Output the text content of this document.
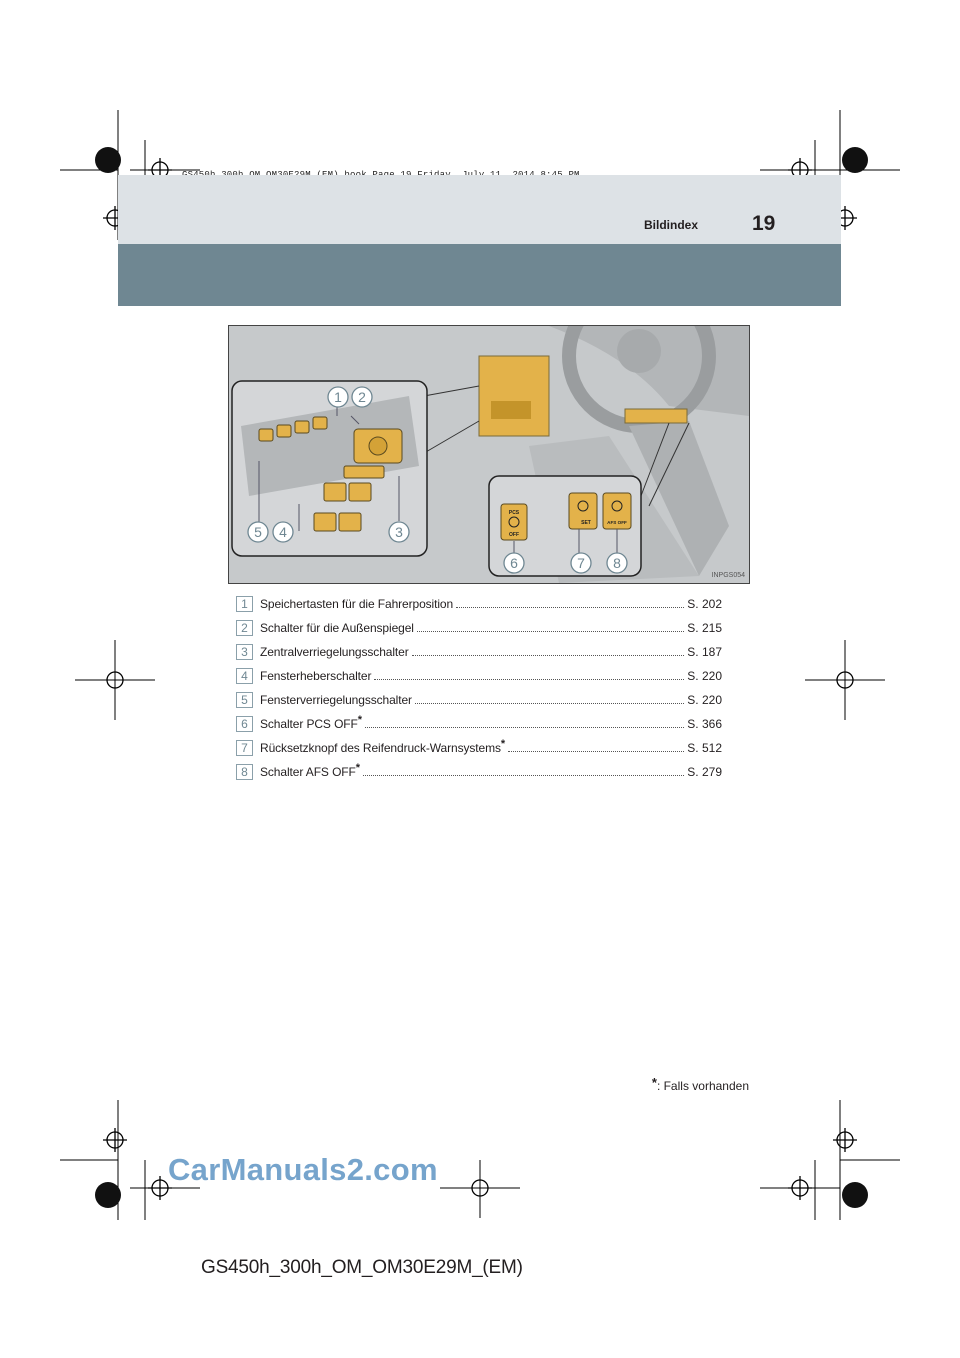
Bildindex	19
PCS
OFF
SET	AFS OFF
1 2
3
4
5
6	7 8
INPGS054
1	Speichertasten für die Fahrerposition	S. 202
2	Schalter für die Außenspiegel	S. 215
3	Zentralverriegelungsschalter	S. 187
4	Fensterheberschalter	S. 220
5	Fensterverriegelungsschalter	S. 220
6	Schalter PCS OFF*	S. 366
7	Rücksetzknopf des Reifendruck-Warnsystems*	S. 512
8	Schalter AFS OFF*	S. 279
*: Falls vorhanden
CarManuals2.com
GS450h_300h_OM_OM30E29M_(EM)
